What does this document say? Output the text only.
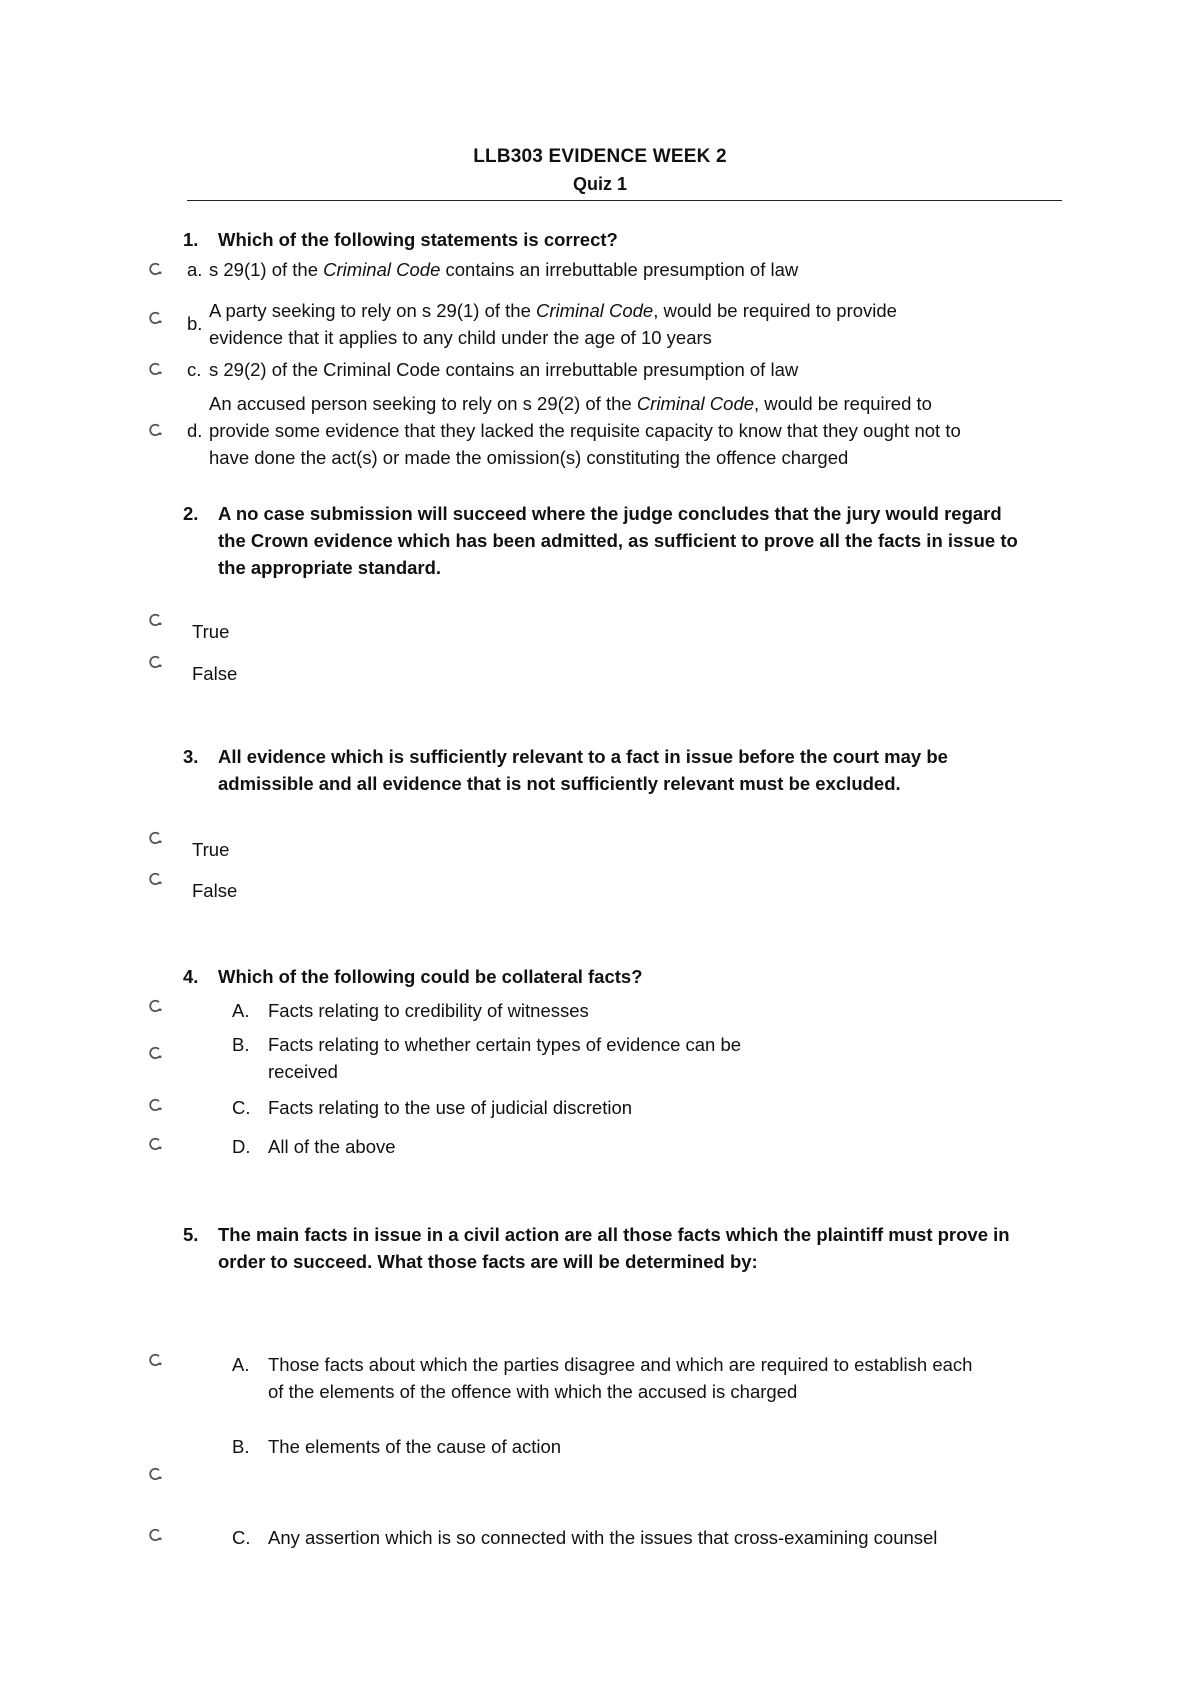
LLB303 EVIDENCE WEEK 2
Quiz 1
1. Which of the following statements is correct?
a. s 29(1) of the Criminal Code contains an irrebuttable presumption of law
b.
A party seeking to rely on s 29(1) of the Criminal Code, would be required to provide
evidence that it applies to any child under the age of 10 years
c. s 29(2) of the Criminal Code contains an irrebuttable presumption of law
d.
An accused person seeking to rely on s 29(2) of the Criminal Code, would be required to
provide some evidence that they lacked the requisite capacity to know that they ought not to
have done the act(s) or made the omission(s) constituting the offence charged
2. A no case submission will succeed where the judge concludes that the jury would regard
the Crown evidence which has been admitted, as sufficient to prove all the facts in issue to
the appropriate standard.
True
False
3. All evidence which is sufficiently relevant to a fact in issue before the court may be
admissible and all evidence that is not sufficiently relevant must be excluded.
True
False
4. Which of the following could be collateral facts?
A. Facts relating to credibility of witnesses
B. Facts relating to whether certain types of evidence can be
received
C. Facts relating to the use of judicial discretion
D. All of the above
5. The main facts in issue in a civil action are all those facts which the plaintiff must prove in
order to succeed. What those facts are will be determined by:
A. Those facts about which the parties disagree and which are required to establish each
of the elements of the offence with which the accused is charged
B. The elements of the cause of action
C. Any assertion which is so connected with the issues that cross-examining counsel
